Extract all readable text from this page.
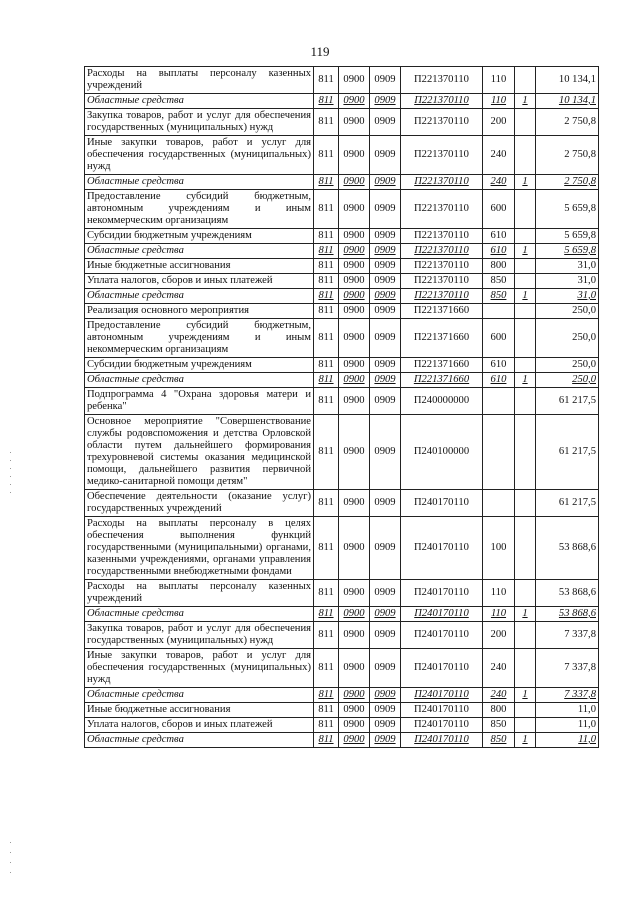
119
Расходы на выплаты персоналу казенных учреждений	811	0900	0909	П221370110	110		10 134,1
Областные средства	811	0900	0909	П221370110	110	1	10 134,1
Закупка товаров, работ и услуг для обеспечения государственных (муниципальных) нужд	811	0900	0909	П221370110	200		2 750,8
Иные закупки товаров, работ и услуг для обеспечения государственных (муниципальных) нужд	811	0900	0909	П221370110	240		2 750,8
Областные средства	811	0900	0909	П221370110	240	1	2 750,8
Предоставление субсидий бюджетным, автономным учреждениям и иным некоммерческим организациям	811	0900	0909	П221370110	600		5 659,8
Субсидии бюджетным учреждениям	811	0900	0909	П221370110	610		5 659,8
Областные средства	811	0900	0909	П221370110	610	1	5 659,8
Иные бюджетные ассигнования	811	0900	0909	П221370110	800		31,0
Уплата налогов, сборов и иных платежей	811	0900	0909	П221370110	850		31,0
Областные средства	811	0900	0909	П221370110	850	1	31,0
Реализация основного мероприятия	811	0900	0909	П221371660			250,0
Предоставление субсидий бюджетным, автономным учреждениям и иным некоммерческим организациям	811	0900	0909	П221371660	600		250,0
Субсидии бюджетным учреждениям	811	0900	0909	П221371660	610		250,0
Областные средства	811	0900	0909	П221371660	610	1	250,0
Подпрограмма 4 "Охрана здоровья матери и ребенка"	811	0900	0909	П240000000			61 217,5
Основное мероприятие "Совершенствование службы родовспоможения и детства Орловской области путем дальнейшего формирования трехуровневой системы оказания медицинской помощи, дальнейшего развития первичной медико-санитарной помощи детям"	811	0900	0909	П240100000			61 217,5
Обеспечение деятельности (оказание услуг) государственных учреждений	811	0900	0909	П240170110			61 217,5
Расходы на выплаты персоналу в целях обеспечения выполнения функций государственными (муниципальными) органами, казенными учреждениями, органами управления государственными внебюджетными фондами	811	0900	0909	П240170110	100		53 868,6
Расходы на выплаты персоналу казенных учреждений	811	0900	0909	П240170110	110		53 868,6
Областные средства	811	0900	0909	П240170110	110	1	53 868,6
Закупка товаров, работ и услуг для обеспечения государственных (муниципальных) нужд	811	0900	0909	П240170110	200		7 337,8
Иные закупки товаров, работ и услуг для обеспечения государственных (муниципальных) нужд	811	0900	0909	П240170110	240		7 337,8
Областные средства	811	0900	0909	П240170110	240	1	7 337,8
Иные бюджетные ассигнования	811	0900	0909	П240170110	800		11,0
Уплата налогов, сборов и иных платежей	811	0900	0909	П240170110	850		11,0
Областные средства	811	0900	0909	П240170110	850	1	11,0
